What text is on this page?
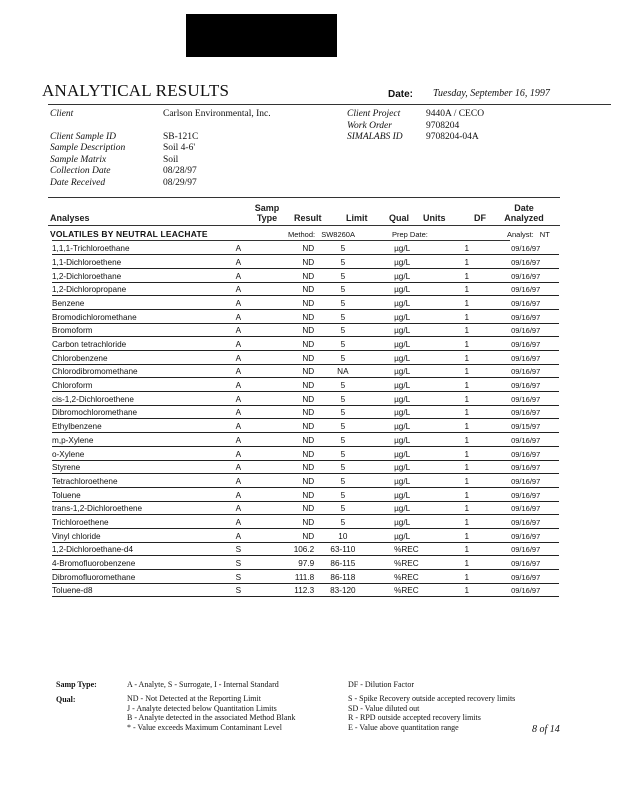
ANALYTICAL RESULTS	Date: Tuesday, September 16, 1997
Client	Carlson Environmental, Inc.
Client Sample ID	SB-121C
Sample Description	Soil 4-6'
Sample Matrix	Soil
Collection Date	08/28/97
Date Received	08/29/97
Client Project	9440A / CECO
Work Order	9708204
SIMALABS ID 9708204-04A
Analyses
Samp Type	Result	Limit Qual Units	DF
Date Analyzed
VOLATILES BY NEUTRAL LEACHATE	Method: SW8260A	Prep Date:	Analyst: NT
1,1,1-Trichloroethane	A	ND	5		µg/L	1	09/16/97
1,1-Dichloroethene	A	ND	5		µg/L	1	09/16/97
1,2-Dichloroethane	A	ND	5		µg/L	1	09/16/97
1,2-Dichloropropane	A	ND	5		µg/L	1	09/16/97
Benzene	A	ND	5		µg/L	1	09/16/97
Bromodichloromethane	A	ND	5		µg/L	1	09/16/97
Bromoform	A	ND	5		µg/L	1	09/16/97
Carbon tetrachloride	A	ND	5		µg/L	1	09/16/97
Chlorobenzene	A	ND	5		µg/L	1	09/16/97
Chlorodibromomethane	A	ND	NA		µg/L	1	09/16/97
Chloroform	A	ND	5		µg/L	1	09/16/97
cis-1,2-Dichloroethene	A	ND	5		µg/L	1	09/16/97
Dibromochloromethane	A	ND	5		µg/L	1	09/16/97
Ethylbenzene	A	ND	5		µg/L	1	09/15/97
m,p-Xylene	A	ND	5		µg/L	1	09/16/97
o-Xylene	A	ND	5		µg/L	1	09/16/97
Styrene	A	ND	5		µg/L	1	09/16/97
Tetrachloroethene	A	ND	5		µg/L	1	09/16/97
Toluene	A	ND	5		µg/L	1	09/16/97
trans-1,2-Dichloroethene	A	ND	5		µg/L	1	09/16/97
Trichloroethene	A	ND	5		µg/L	1	09/16/97
Vinyl chloride	A	ND	10		µg/L	1	09/16/97
1,2-Dichloroethane-d4	S	106.2	63-110		%REC	1	09/16/97
4-Bromofluorobenzene	S	97.9	86-115		%REC	1	09/16/97
Dibromofluoromethane	S	111.8	86-118		%REC	1	09/16/97
Toluene-d8	S	112.3	83-120		%REC	1	09/16/97
Samp Type:	A - Analyte, S - Surrogate, I - Internal Standard
Qual:	ND - Not Detected at the Reporting Limit
J - Analyte detected below Quantitation Limits
B - Analyte detected in the associated Method Blank
* - Value exceeds Maximum Contaminant Level
DF - Dilution Factor
S - Spike Recovery outside accepted recovery limits
SD - Value diluted out
R - RPD outside accepted recovery limits
E - Value above quantitation range	8 of 14
